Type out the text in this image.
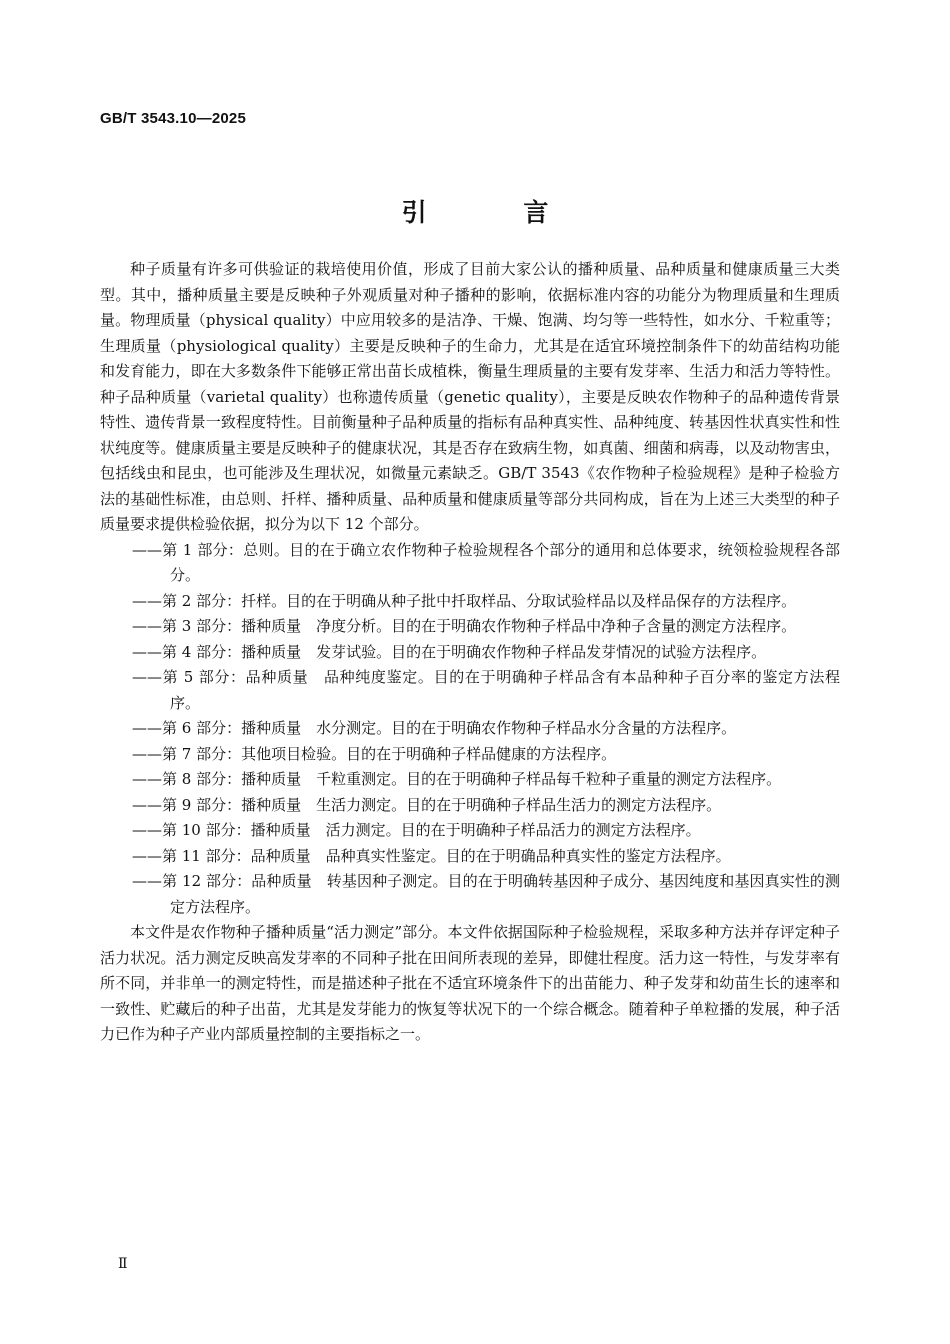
GB/T 3543.10—2025
引 言

种子质量有许多可供验证的栽培使用价值，形成了目前大家公认的播种质量、品种质量和健康质量三大类型。其中，播种质量主要是反映种子外观质量对种子播种的影响，依据标准内容的功能分为物理质量和生理质量。物理质量（physical quality）中应用较多的是洁净、干燥、饱满、均匀等一些特性，如水分、千粒重等；生理质量（physiological quality）主要是反映种子的生命力，尤其是在适宜环境控制条件下的幼苗结构功能和发育能力，即在大多数条件下能够正常出苗长成植株，衡量生理质量的主要有发芽率、生活力和活力等特性。种子品种质量（varietal quality）也称遗传质量（genetic quality），主要是反映农作物种子的品种遗传背景特性、遗传背景一致程度特性。目前衡量种子品种质量的指标有品种真实性、品种纯度、转基因性状真实性和性状纯度等。健康质量主要是反映种子的健康状况，其是否存在致病生物，如真菌、细菌和病毒，以及动物害虫，包括线虫和昆虫，也可能涉及生理状况，如微量元素缺乏。GB/T 3543《农作物种子检验规程》是种子检验方法的基础性标准，由总则、扦样、播种质量、品种质量和健康质量等部分共同构成，旨在为上述三大类型的种子质量要求提供检验依据，拟分为以下 12 个部分。

——第 1 部分：总则。目的在于确立农作物种子检验规程各个部分的通用和总体要求，统领检验规程各部分。

——第 2 部分：扦样。目的在于明确从种子批中扦取样品、分取试验样品以及样品保存的方法程序。

——第 3 部分：播种质量　净度分析。目的在于明确农作物种子样品中净种子含量的测定方法程序。

——第 4 部分：播种质量　发芽试验。目的在于明确农作物种子样品发芽情况的试验方法程序。

——第 5 部分：品种质量　品种纯度鉴定。目的在于明确种子样品含有本品种种子百分率的鉴定方法程序。

——第 6 部分：播种质量　水分测定。目的在于明确农作物种子样品水分含量的方法程序。

——第 7 部分：其他项目检验。目的在于明确种子样品健康的方法程序。

——第 8 部分：播种质量　千粒重测定。目的在于明确种子样品每千粒种子重量的测定方法程序。

——第 9 部分：播种质量　生活力测定。目的在于明确种子样品生活力的测定方法程序。

——第 10 部分：播种质量　活力测定。目的在于明确种子样品活力的测定方法程序。

——第 11 部分：品种质量　品种真实性鉴定。目的在于明确品种真实性的鉴定方法程序。

——第 12 部分：品种质量　转基因种子测定。目的在于明确转基因种子成分、基因纯度和基因真实性的测定方法程序。

本文件是农作物种子播种质量“活力测定”部分。本文件依据国际种子检验规程，采取多种方法并存评定种子活力状况。活力测定反映高发芽率的不同种子批在田间所表现的差异，即健壮程度。活力这一特性，与发芽率有所不同，并非单一的测定特性，而是描述种子批在不适宜环境条件下的出苗能力、种子发芽和幼苗生长的速率和一致性、贮藏后的种子出苗，尤其是发芽能力的恢复等状况下的一个综合概念。随着种子单粒播的发展，种子活力已作为种子产业内部质量控制的主要指标之一。

Ⅱ
